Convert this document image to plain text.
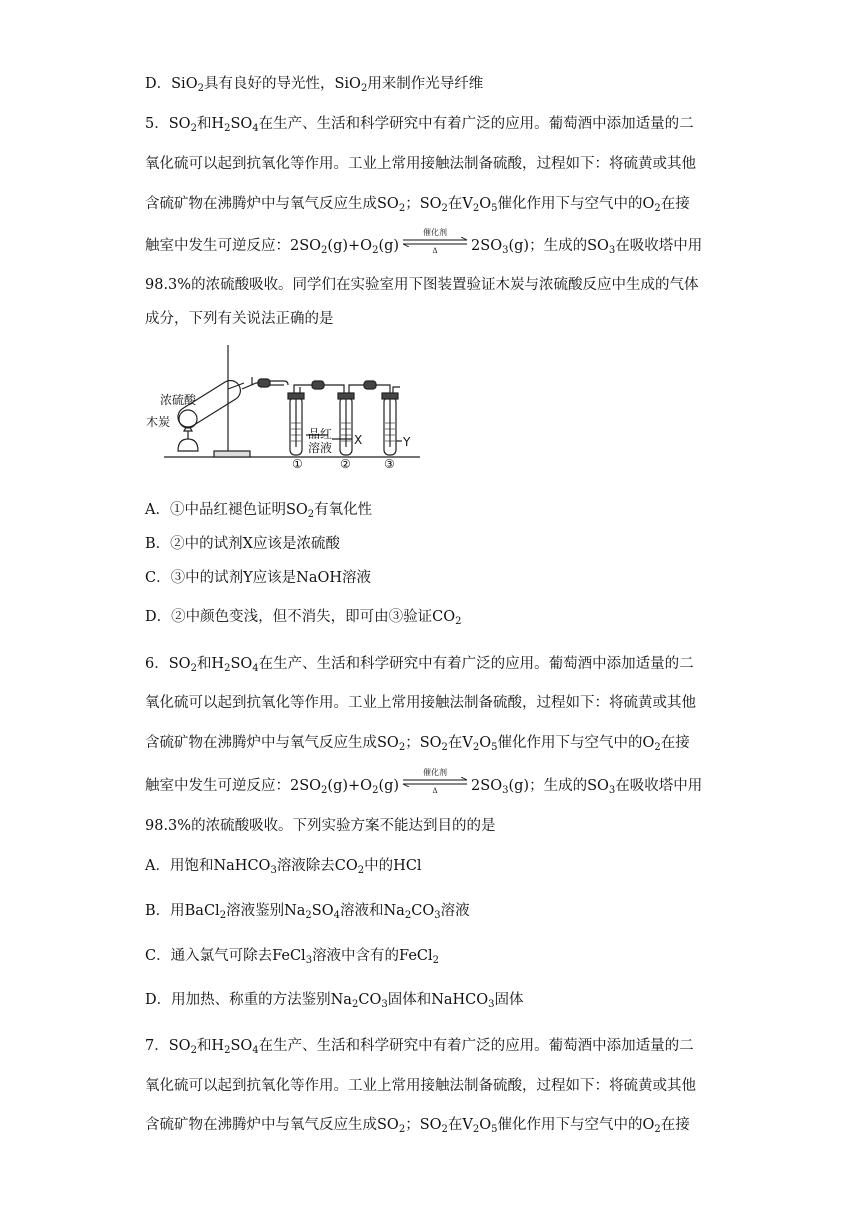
D．SiO$_2$具有良好的导光性，SiO$_2$用来制作光导纤维
5．$SO_2$和$H_2SO_4$在生产、生活和科学研究中有着广泛的应用。葡萄酒中添加适量的二
氧化硫可以起到抗氧化等作用。工业上常用接触法制备硫酸，过程如下：将硫黄或其他
含硫矿物在沸腾炉中与氧气反应生成$SO_2$；$SO_2$在$V_2O_5$催化作用下与空气中的$O_2$在接
触室中发生可逆反应：$2SO_2(g)+O_2(g)$
催化剂
Δ	$2SO_3(g)$；生成的$SO_3$在吸收塔中用
98.3%的浓硫酸吸收。同学们在实验室用下图装置验证木炭与浓硫酸反应中生成的气体
成分，下列有关说法正确的是
浓硫酸
木炭
品红
溶液
X	Y
①	②	③
A．①中品红褪色证明$SO_2$有氧化性
B．②中的试剂X应该是浓硫酸
C．③中的试剂Y应该是NaOH溶液
D．②中颜色变浅，但不消失，即可由③验证$CO_2$
6．$SO_2$和$H_2SO_4$在生产、生活和科学研究中有着广泛的应用。葡萄酒中添加适量的二
氧化硫可以起到抗氧化等作用。工业上常用接触法制备硫酸，过程如下：将硫黄或其他
含硫矿物在沸腾炉中与氧气反应生成$SO_2$；$SO_2$在$V_2O_5$催化作用下与空气中的$O_2$在接
触室中发生可逆反应：$2SO_2(g)+O_2(g)$
催化剂
Δ	$2SO_3(g)$；生成的$SO_3$在吸收塔中用
98.3%的浓硫酸吸收。下列实验方案不能达到目的的是
A．用饱和NaHCO$_3$溶液除去$CO_2$中的HCl
B．用BaCl$_2$溶液鉴别$Na_2SO_4$溶液和$Na_2CO_3$溶液
C．通入氯气可除去FeCl$_3$溶液中含有的FeCl$_2$
D．用加热、称重的方法鉴别$Na_2CO_3$固体和NaHCO$_3$固体
7．$SO_2$和$H_2SO_4$在生产、生活和科学研究中有着广泛的应用。葡萄酒中添加适量的二
氧化硫可以起到抗氧化等作用。工业上常用接触法制备硫酸，过程如下：将硫黄或其他
含硫矿物在沸腾炉中与氧气反应生成$SO_2$；$SO_2$在$V_2O_5$催化作用下与空气中的$O_2$在接
